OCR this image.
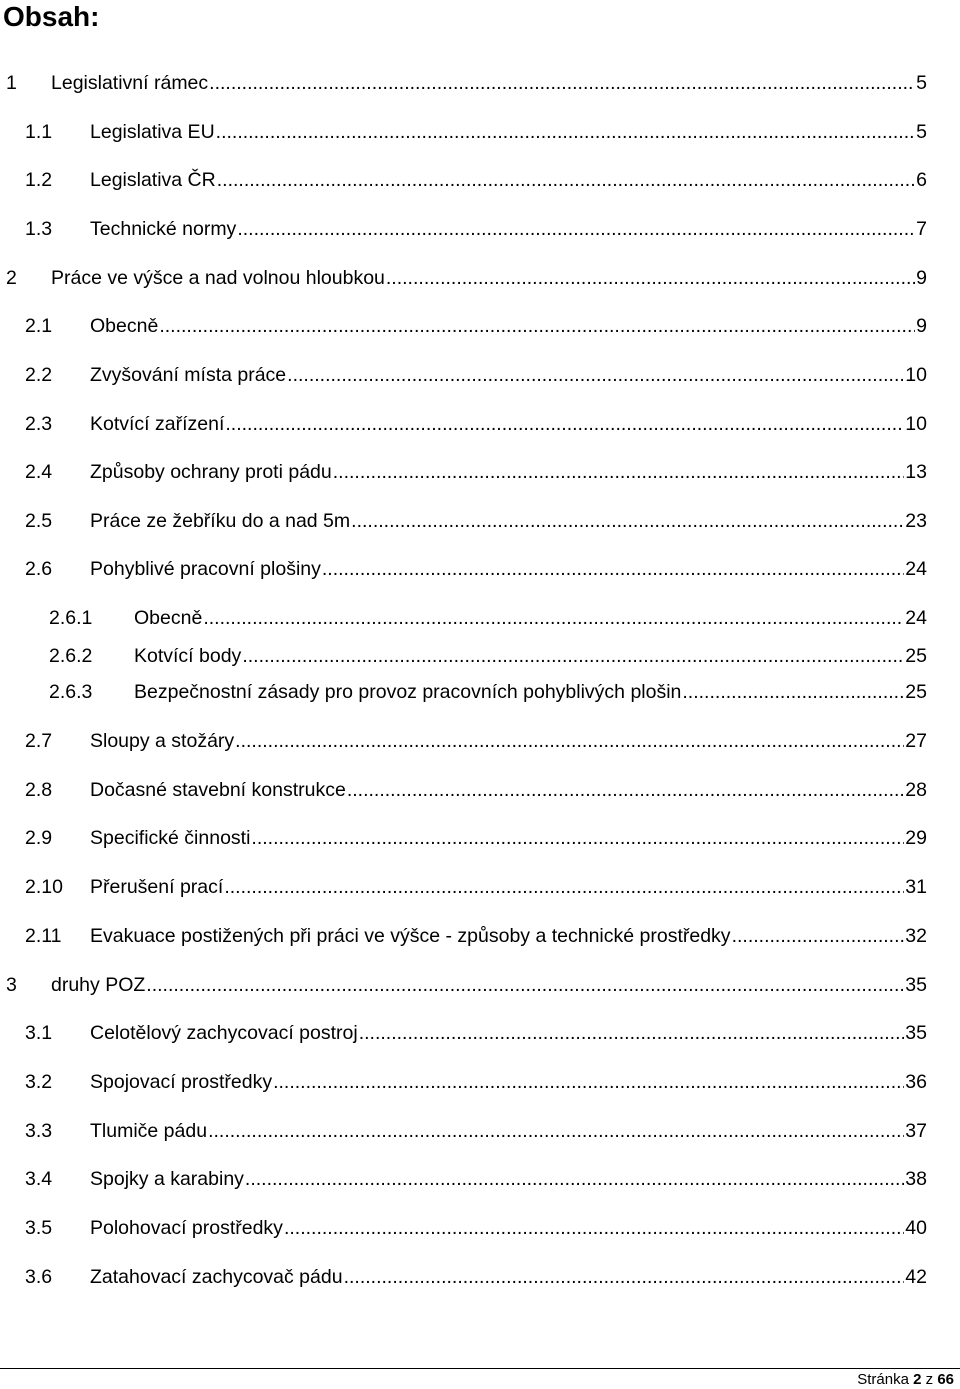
Obsah:
1	Legislativní rámec .....	5
1.1	Legislativa EU .....	5
1.2	Legislativa ČR .....	6
1.3	Technické normy .....	7
2	Práce ve výšce a nad volnou hloubkou .....	9
2.1	Obecně .....	9
2.2	Zvyšování místa práce .....	10
2.3	Kotvící zařízení .....	10
2.4	Způsoby ochrany proti pádu .....	13
2.5	Práce ze žebříku do a nad 5m .....	23
2.6	Pohyblivé pracovní plošiny .....	24
2.6.1	Obecně .....	24
2.6.2	Kotvící body .....	25
2.6.3	Bezpečnostní zásady pro provoz pracovních pohyblivých plošin .....	25
2.7	Sloupy a stožáry .....	27
2.8	Dočasné stavební konstrukce .....	28
2.9	Specifické činnosti .....	29
2.10	Přerušení prací .....	31
2.11	Evakuace postižených při práci ve výšce - způsoby a technické prostředky .....	32
3	druhy POZ .....	35
3.1	Celotělový zachycovací postroj .....	35
3.2	Spojovací prostředky .....	36
3.3	Tlumiče pádu .....	37
3.4	Spojky a karabiny .....	38
3.5	Polohovací prostředky .....	40
3.6	Zatahovací zachycovač pádu .....	42
Stránka 2 z 66
